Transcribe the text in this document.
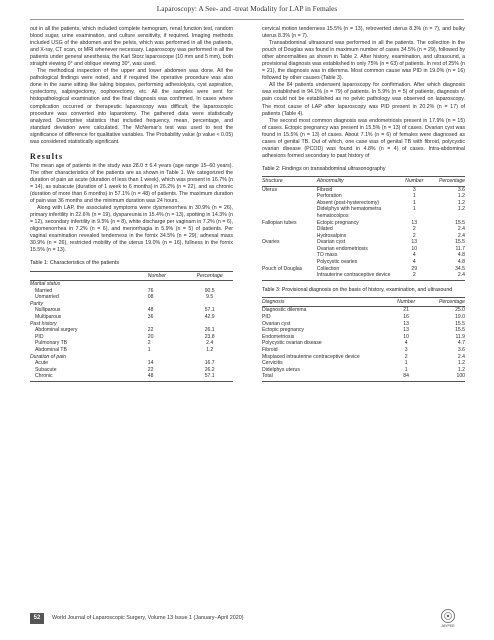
Laparoscopy: A See- and -treat Modality for LAP in Females

out in all the patients, which included complete hemogram, renal function test, random blood sugar, urine examination, and culture sensitivity, if required. Imaging methods included USG of the abdomen and the pelvis, which was performed in all the patients, and X-ray, CT scan, or MRI whenever necessary. Laparoscopy was performed in all the patients under general anesthesia; the Karl Storz laparoscope (10 mm and 5 mm), both straight viewing 0° and oblique viewing 30°, was used.

The methodical inspection of the upper and lower abdomen was done. All the pathological findings were noted, and if required the operative procedure was also done in the same sitting like taking biopsies, performing adhesiolysis, cyst aspiration, cystectomy, salpingectomy, oophorectomy, etc. All the samples were sent for histopathological examination and the final diagnosis was confirmed. In cases where complication occurred or therapeutic laparoscopy was difficult, the laparoscopic procedure was converted into laparotomy. The gathered data were statistically analyzed. Descriptive statistics that included frequency, mean, percentage, and standard deviation were calculated. The McNemar's test was used to test the significance of difference for qualitative variables. The Probability value (p value < 0.05) was considered statistically significant.

Results

The mean age of patients in the study was 28.0 ± 6.4 years (age range 15–60 years). The other characteristics of the patients are as shown in Table 1. We categorized the duration of pain as acute (duration of less than 1 week), which was present in 16.7% (n = 14), as subacute (duration of 1 week to 6 months) in 26.2% (n = 22), and as chronic (duration of more than 6 months) in 57.1% (n = 48) of patients. The maximum duration of pain was 36 months and the minimum duration was 24 hours.

Along with LAP, the associated symptoms were dysmenorrhea in 30.9% (n = 26), primary infertility in 22.6% (n = 19), dyspareunia in 15.4% (n = 13), spotting in 14.3% (n = 12), secondary infertility in 9.5% (n = 8), white discharge per vaginam in 7.2% (n = 6), oligomenorrhea in 7.2% (n = 6), and menorrhagia in 5.9% (n = 5) of patients. Per vaginal examination revealed tenderness in the fornix 34.5% (n = 29), adnexal mass 30.9% (n = 26), restricted mobility of the uterus 19.0% (n = 16), fullness in the fornix 15.5% (n = 13).

Table 1: Characteristics of the patients
	Number	Percentage
Marital status		
Married	76	90.5
Unmarried	08	9.5
Parity		
Nulliparous	48	57.1
Multiparous	36	42.9
Past history		
Abdominal surgery	22	26.1
PID	20	23.8
Pulmonary TB	2	2.4
Abdominal TB	1	1.2
Duration of pain		
Acute	14	16.7
Subacute	22	26.2
Chronic	48	57.1

cervical motion tenderness 15.5% (n = 13), retroverted uterus 8.3% (n = 7), and bulky uterus 8.3% (n = 7).

Transabdominal ultrasound was performed in all the patients. The collection in the pouch of Douglas was found in maximum number of cases 34.5% (n = 29), followed by other abnormalities as shown in Table 2. After history, examination, and ultrasound, a provisional diagnosis was established in only 75% (n = 63) of patients. In rest of 25% (n = 21), the diagnosis was in dilemma. Most common cause was PID in 19.0% (n = 16) followed by other causes (Table 3).

All the 84 patients underwent laparoscopy for confirmation. After which diagnosis was established in 94.1% (n = 79) of patients. In 5.9% (n = 5) of patients, diagnosis of pain could not be established as no pelvic pathology was observed on laparoscopy. The most cause of LAP after laparoscopy was PID present in 20.2% (n = 17) of patients (Table 4).

The second most common diagnosis was endometriosis present in 17.9% (n = 15) of cases. Ectopic pregnancy was present in 15.5% (n = 13) of cases. Ovarian cyst was found in 15.5% (n = 13) of cases. About 7.1% (n = 6) of females were diagnosed as cases of genital TB. Out of which, one case was of genital TB with fibroid, polycystic ovarian disease (PCOD) was found in 4.8% (n = 4) of cases. Intra-abdominal adhesions formed secondary to past history of

Table 2: Findings on transabdominal ultrasonography
Structure	Abnormality	Number	Percentage
Uterus	Fibroid	3	3.6
	Perforation	1	1.2
	Absent (post-hysterectomy)	1	1.2
	Didelphys with hematometra hematocolpos	1	1.2
Fallopian tubes	Ectopic pregnancy	13	15.5
	Dilated	2	2.4
	Hydrosalpinx	2	2.4
Ovaries	Ovarian cyst	13	15.5
	Ovarian endometriosis	10	11.7
	TO mass	4	4.8
	Polycystic ovaries	4	4.8
Pouch of Douglas	Collection	29	34.5
	Intrauterine contraceptive device	2	2.4
Table 3: Provisional diagnosis on the basis of history, examination, and ultrasound
Diagnosis	Number	Percentage
Diagnostic dilemma	21	25.0
PID	16	19.0
Ovarian cyst	13	15.5
Ectopic pregnancy	13	15.5
Endometriosis	10	11.9
Polycystic ovarian disease	4	4.7
Fibroid	3	3.6
Misplaced intrauterine contraceptive device	2	2.4
Cervicitis	1	1.2
Didelphys uterus	1	1.2
Total	84	100
52	World Journal of Laparoscopic Surgery, Volume 13 Issue 1 (January–April 2020)
JAYPEE
